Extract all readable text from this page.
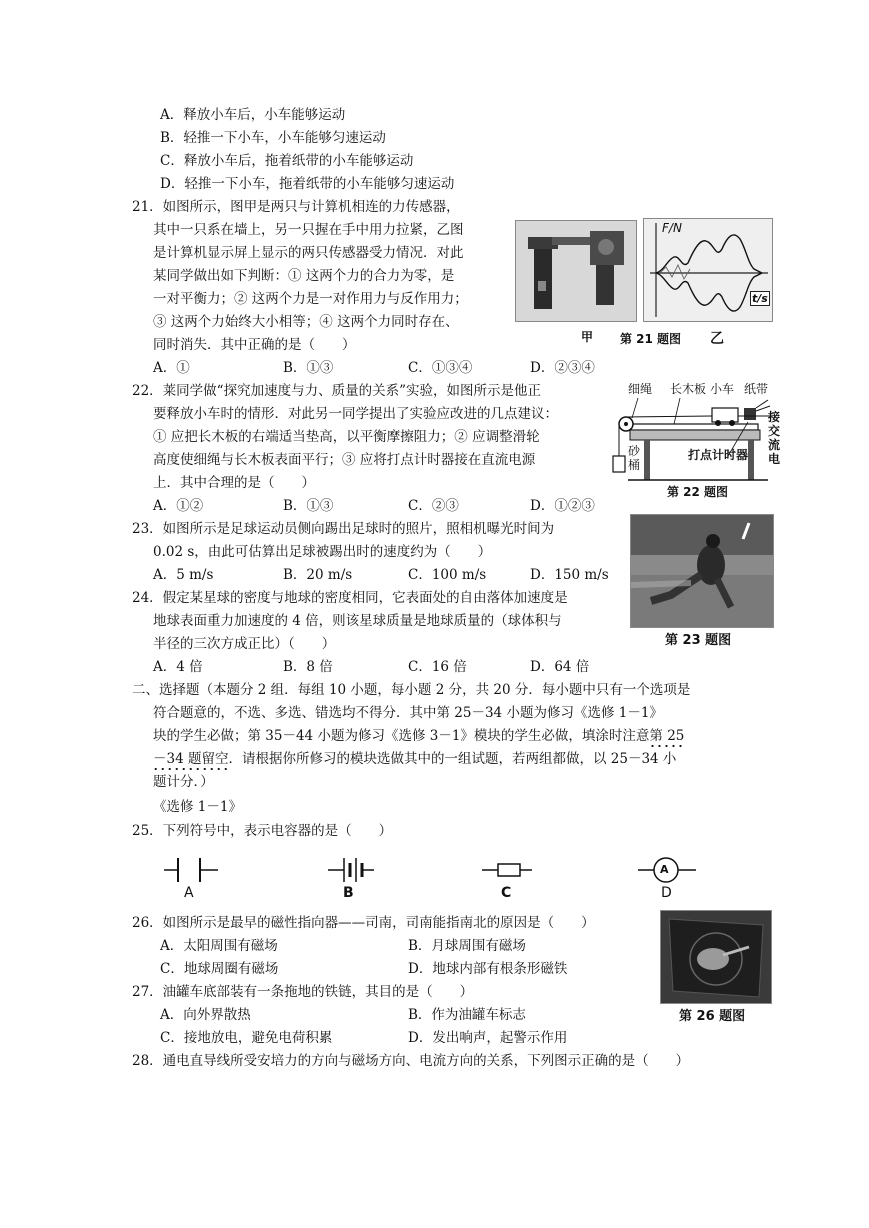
A．释放小车后，小车能够运动
B．轻推一下小车，小车能够匀速运动
C．释放小车后，拖着纸带的小车能够运动
D．轻推一下小车，拖着纸带的小车能够匀速运动
21．如图所示，图甲是两只与计算机相连的力传感器，
其中一只系在墙上，另一只握在手中用力拉紧，乙图
是计算机显示屏上显示的两只传感器受力情况．对此
某同学做出如下判断：① 这两个力的合力为零，是
一对平衡力；② 这两个力是一对作用力与反作用力；
③ 这两个力始终大小相等；④ 这两个力同时存在、
同时消失．其中正确的是（　　）
A．①	B．①③	C．①③④	D．②③④
F/N
t/s
甲 第 21 题图 乙
22．莱同学做“探究加速度与力、质量的关系”实验，如图所示是他正
要释放小车时的情形．对此另一同学提出了实验应改进的几点建议：
① 应把长木板的右端适当垫高，以平衡摩擦阻力；② 应调整滑轮
高度使细绳与长木板表面平行；③ 应将打点计时器接在直流电源
上．其中合理的是（　　）
A．①②	B．①③	C．②③	D．①②③
细绳 长木板 小车 纸带
砂
桶
打点计时器
接
交
流
电
第 22 题图
23．如图所示是足球运动员侧向踢出足球时的照片，照相机曝光时间为
0.02 s，由此可估算出足球被踢出时的速度约为（　　）
A．5 m/s	B．20 m/s	C．100 m/s	D．150 m/s
第 23 题图
24．假定某星球的密度与地球的密度相同，它表面处的自由落体加速度是
地球表面重力加速度的 4 倍，则该星球质量是地球质量的（球体积与
半径的三次方成正比）（　　）
A．4 倍	B．8 倍	C．16 倍	D．64 倍
二、选择题（本题分 2 组．每组 10 小题，每小题 2 分，共 20 分．每小题中只有一个选项是
符合题意的，不选、多选、错选均不得分．其中第 25－34 小题为修习《选修 1－1》
块的学生必做；第 35－44 小题为修习《选修 3－1》模块的学生必做，填涂时注意第 25
－34 题留空．请根据你所修习的模块选做其中的一组试题，若两组都做，以 25－34 小
题计分．）
《选修 1－1》
25．下列符号中，表示电容器的是（　　）
A
A	B	C	D
26．如图所示是最早的磁性指向器——司南，司南能指南北的原因是（　　）
A．太阳周围有磁场	B．月球周围有磁场
C．地球周圈有磁场	D．地球内部有根条形磁铁
第 26 题图
27．油罐车底部装有一条拖地的铁链，其目的是（　　）
A．向外界散热	B．作为油罐车标志
C．接地放电，避免电荷积累	D．发出响声，起警示作用
28．通电直导线所受安培力的方向与磁场方向、电流方向的关系，下列图示正确的是（　　）
